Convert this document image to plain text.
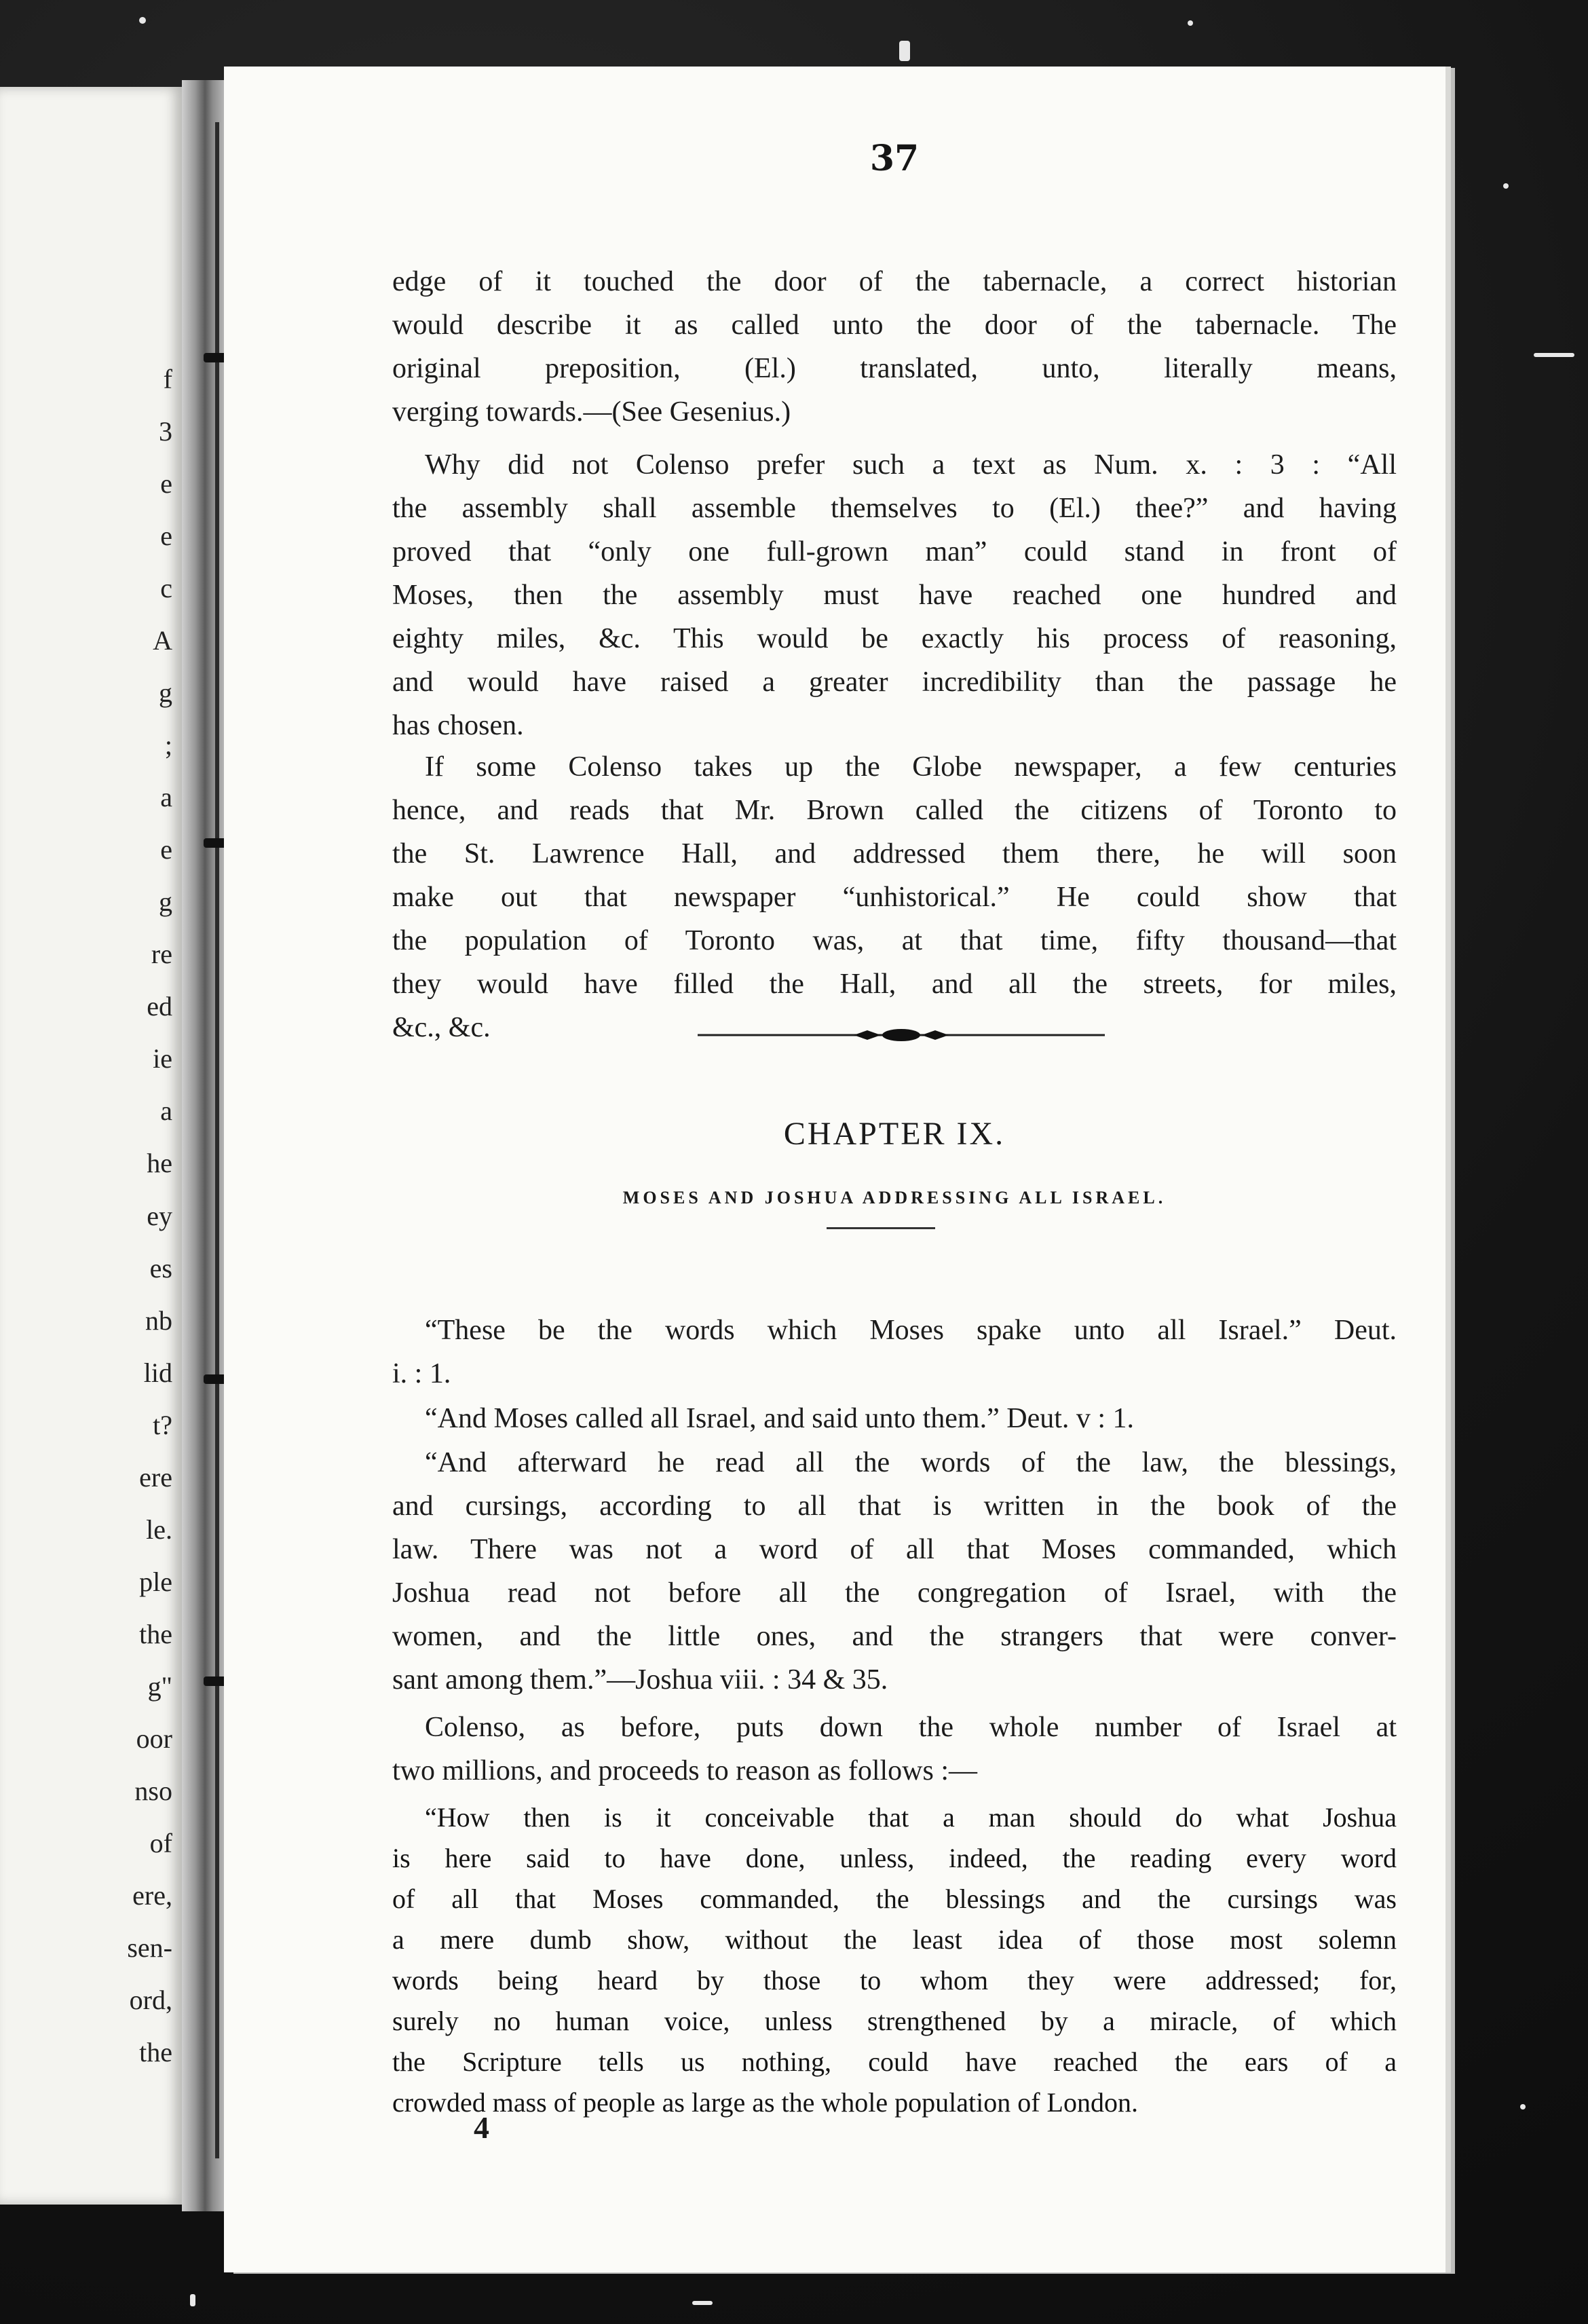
f
3
e
e
c
A
g
;
a
e
g
re
ed
ie
a
he
ey
es
nb
lid
t?
ere
le.
ple
the
g"
oor
nso
of
ere,
sen-
ord,
the
37
edge of it touched the door of the tabernacle, a correct historian
would describe it as called unto the door of the tabernacle. The
original preposition, (El.) translated, unto, literally means,
verging towards.—(See Gesenius.)
Why did not Colenso prefer such a text as Num. x. : 3 : “All
the assembly shall assemble themselves to (El.) thee?” and having
proved that “only one full-grown man” could stand in front of
Moses, then the assembly must have reached one hundred and
eighty miles, &c. This would be exactly his process of reasoning,
and would have raised a greater incredibility than the passage he
has chosen.
If some Colenso takes up the Globe newspaper, a few centuries
hence, and reads that Mr. Brown called the citizens of Toronto to
the St. Lawrence Hall, and addressed them there, he will soon
make out that newspaper “unhistorical.” He could show that
the population of Toronto was, at that time, fifty thousand—that
they would have filled the Hall, and all the streets, for miles,
&c., &c.
CHAPTER IX.
MOSES AND JOSHUA ADDRESSING ALL ISRAEL.
“These be the words which Moses spake unto all Israel.” Deut.
i. : 1.
“And Moses called all Israel, and said unto them.” Deut. v : 1.
“And afterward he read all the words of the law, the blessings,
and cursings, according to all that is written in the book of the
law. There was not a word of all that Moses commanded, which
Joshua read not before all the congregation of Israel, with the
women, and the little ones, and the strangers that were conver-
sant among them.”—Joshua viii. : 34 & 35.
Colenso, as before, puts down the whole number of Israel at
two millions, and proceeds to reason as follows :—
“How then is it conceivable that a man should do what Joshua
is here said to have done, unless, indeed, the reading every word
of all that Moses commanded, the blessings and the cursings was
a mere dumb show, without the least idea of those most solemn
words being heard by those to whom they were addressed; for,
surely no human voice, unless strengthened by a miracle, of which
the Scripture tells us nothing, could have reached the ears of a
crowded mass of people as large as the whole population of London.
4
